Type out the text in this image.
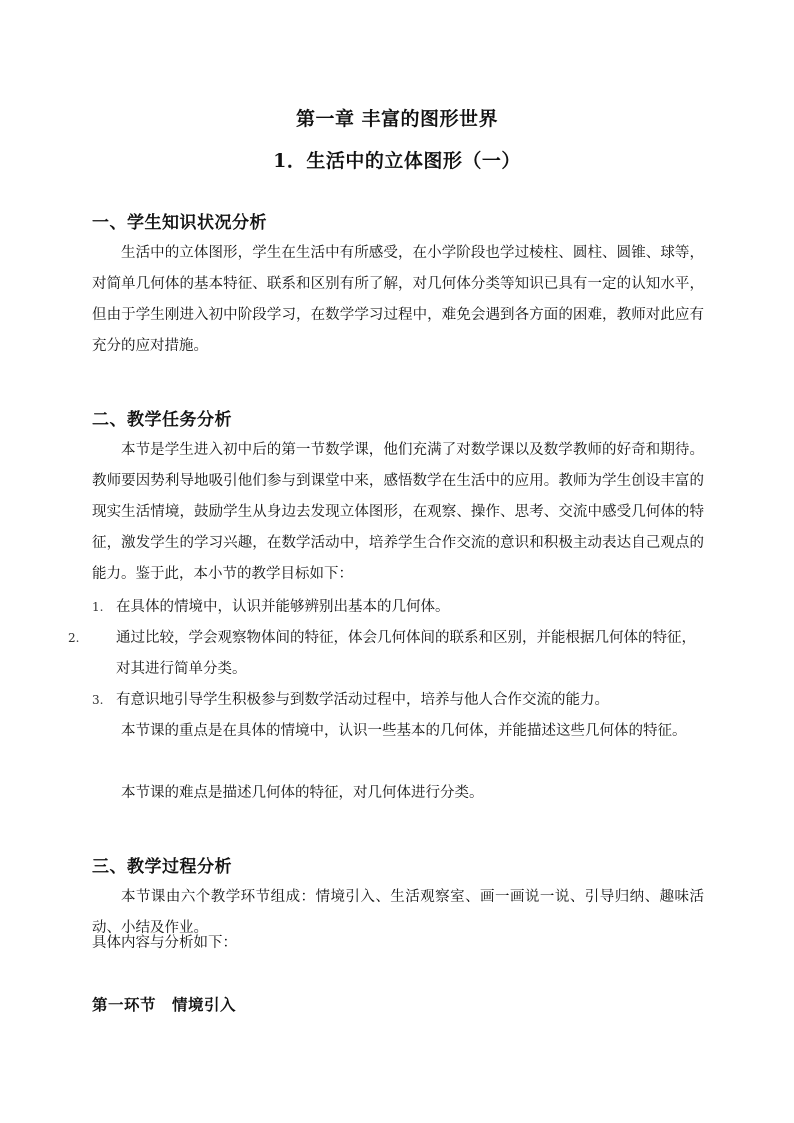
第一章 丰富的图形世界
1．生活中的立体图形（一）
一、学生知识状况分析
生活中的立体图形，学生在生活中有所感受，在小学阶段也学过棱柱、圆柱、圆锥、球等，对简单几何体的基本特征、联系和区别有所了解，对几何体分类等知识已具有一定的认知水平，但由于学生刚进入初中阶段学习，在数学学习过程中，难免会遇到各方面的困难，教师对此应有充分的应对措施。
二、教学任务分析
本节是学生进入初中后的第一节数学课，他们充满了对数学课以及数学教师的好奇和期待。教师要因势利导地吸引他们参与到课堂中来，感悟数学在生活中的应用。教师为学生创设丰富的现实生活情境，鼓励学生从身边去发现立体图形，在观察、操作、思考、交流中感受几何体的特征，激发学生的学习兴趣，在数学活动中，培养学生合作交流的意识和积极主动表达自己观点的能力。鉴于此，本小节的教学目标如下：
1. 在具体的情境中，认识并能够辨别出基本的几何体。
2.	通过比较，学会观察物体间的特征，体会几何体间的联系和区别，并能根据几何体的特征，对其进行简单分类。
3. 有意识地引导学生积极参与到数学活动过程中，培养与他人合作交流的能力。
本节课的重点是在具体的情境中，认识一些基本的几何体，并能描述这些几何体的特征。
本节课的难点是描述几何体的特征，对几何体进行分类。
三、教学过程分析
本节课由六个教学环节组成：情境引入、生活观察室、画一画说一说、引导归纳、趣味活动、小结及作业。
具体内容与分析如下：
第一环节　情境引入
